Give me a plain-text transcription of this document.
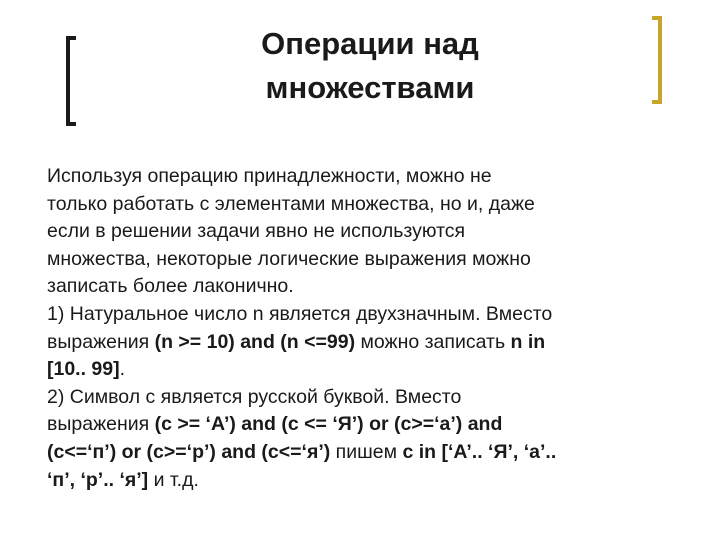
Операции над
множествами
Используя операцию принадлежности, можно не
только работать с элементами множества, но и, даже
если в решении задачи явно не используются
множества, некоторые логические выражения можно
записать более лаконично.
1) Натуральное число n является двухзначным. Вместо
выражения (n >= 10) and (n <=99) можно записать n in
[10.. 99].
2) Символ c является русской буквой. Вместо
выражения (c >= ‘A’) and (c <= ‘Я’) or (c>=‘a’) and
(c<=‘п’) or (c>=‘р’) and (c<=‘я’) пишем c in [‘A’.. ‘Я’, ‘a’..
‘п’, ‘р’.. ‘я’] и т.д.
